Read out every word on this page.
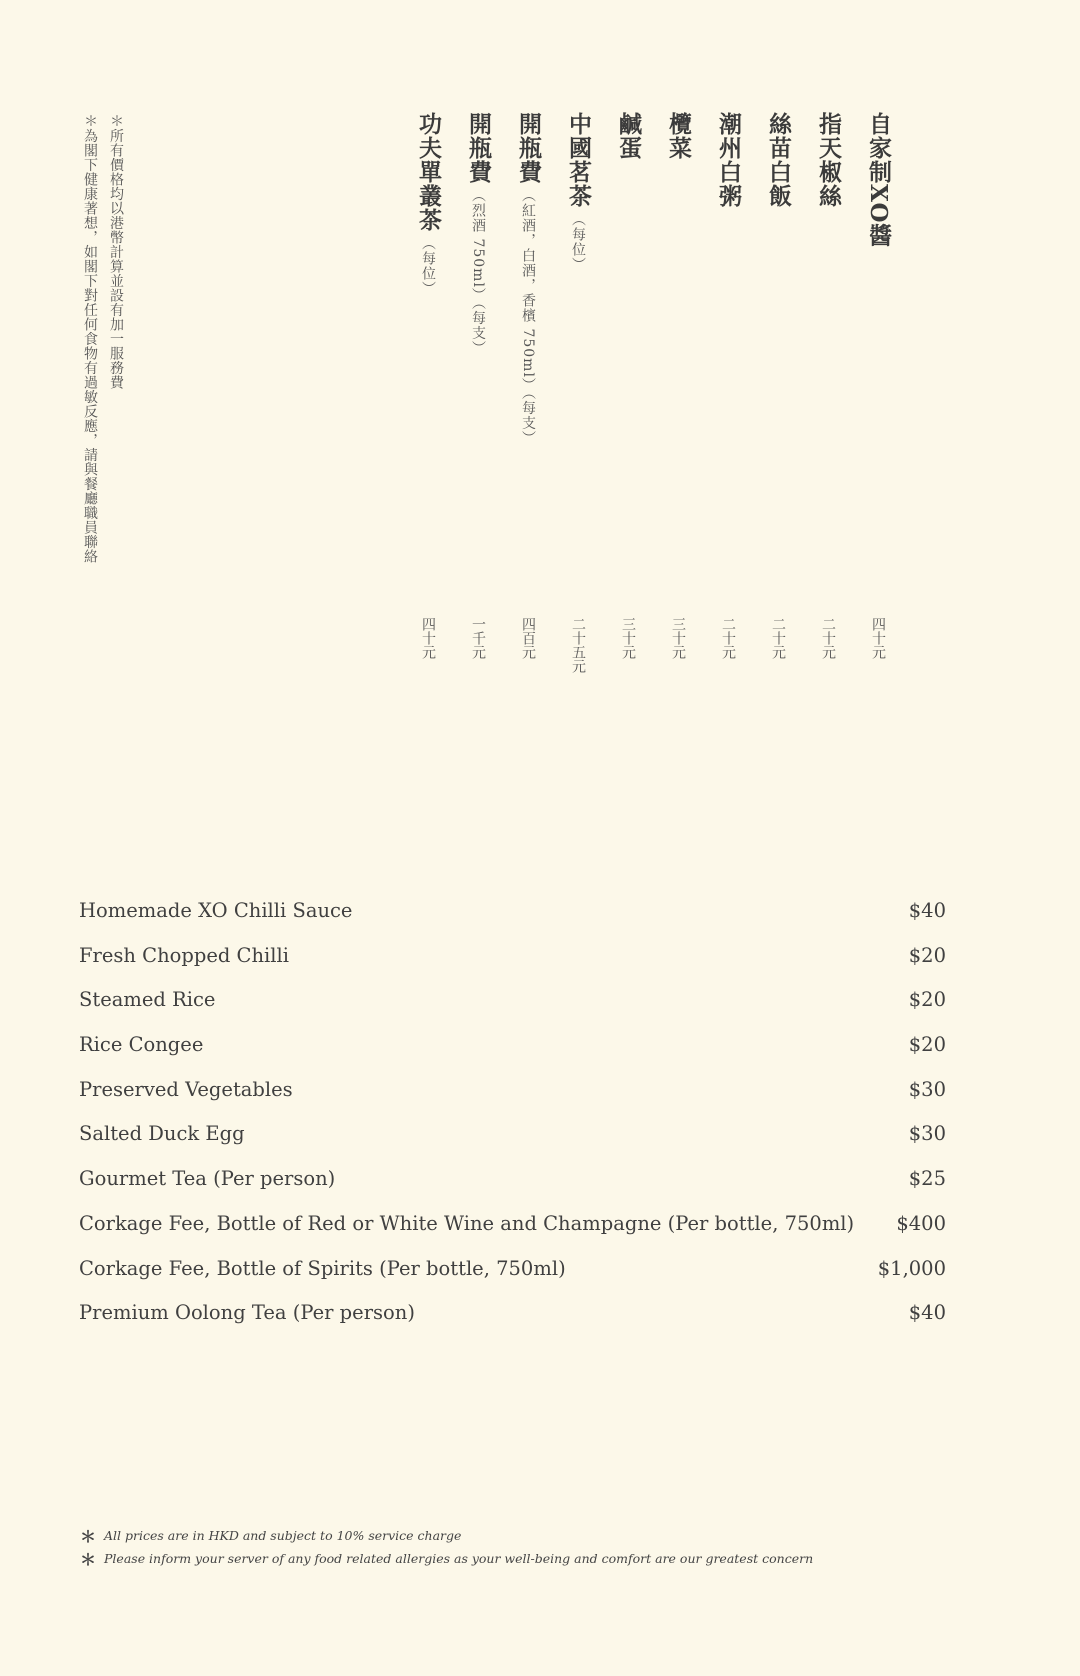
自家制XO醬
四十元
指天椒絲
二十元
絲苗白飯
二十元
潮州白粥
二十元
欖菜
三十元
鹹蛋
三十元
中國茗茶（每位）
二十五元
開瓶費（紅酒，白酒，香檳 750ml）（每支）
四百元
開瓶費（烈酒 750ml）（每支）
一千元
功夫單叢茶（每位）
四十元
＊所有價格均以港幣計算並設有加一服務費
＊為閣下健康著想，如閣下對任何食物有過敏反應，請與餐廳職員聯絡
Homemade XO Chilli Sauce	$40
Fresh Chopped Chilli	$20
Steamed Rice	$20
Rice Congee	$20
Preserved Vegetables	$30
Salted Duck Egg	$30
Gourmet Tea (Per person)	$25
Corkage Fee, Bottle of Red or White Wine and Champagne (Per bottle, 750ml) $400
Corkage Fee, Bottle of Spirits (Per bottle, 750ml)	$1,000
Premium Oolong Tea (Per person)	$40
＊ All prices are in HKD and subject to 10% service charge
＊ Please inform your server of any food related allergies as your well-being and comfort are our greatest concern
